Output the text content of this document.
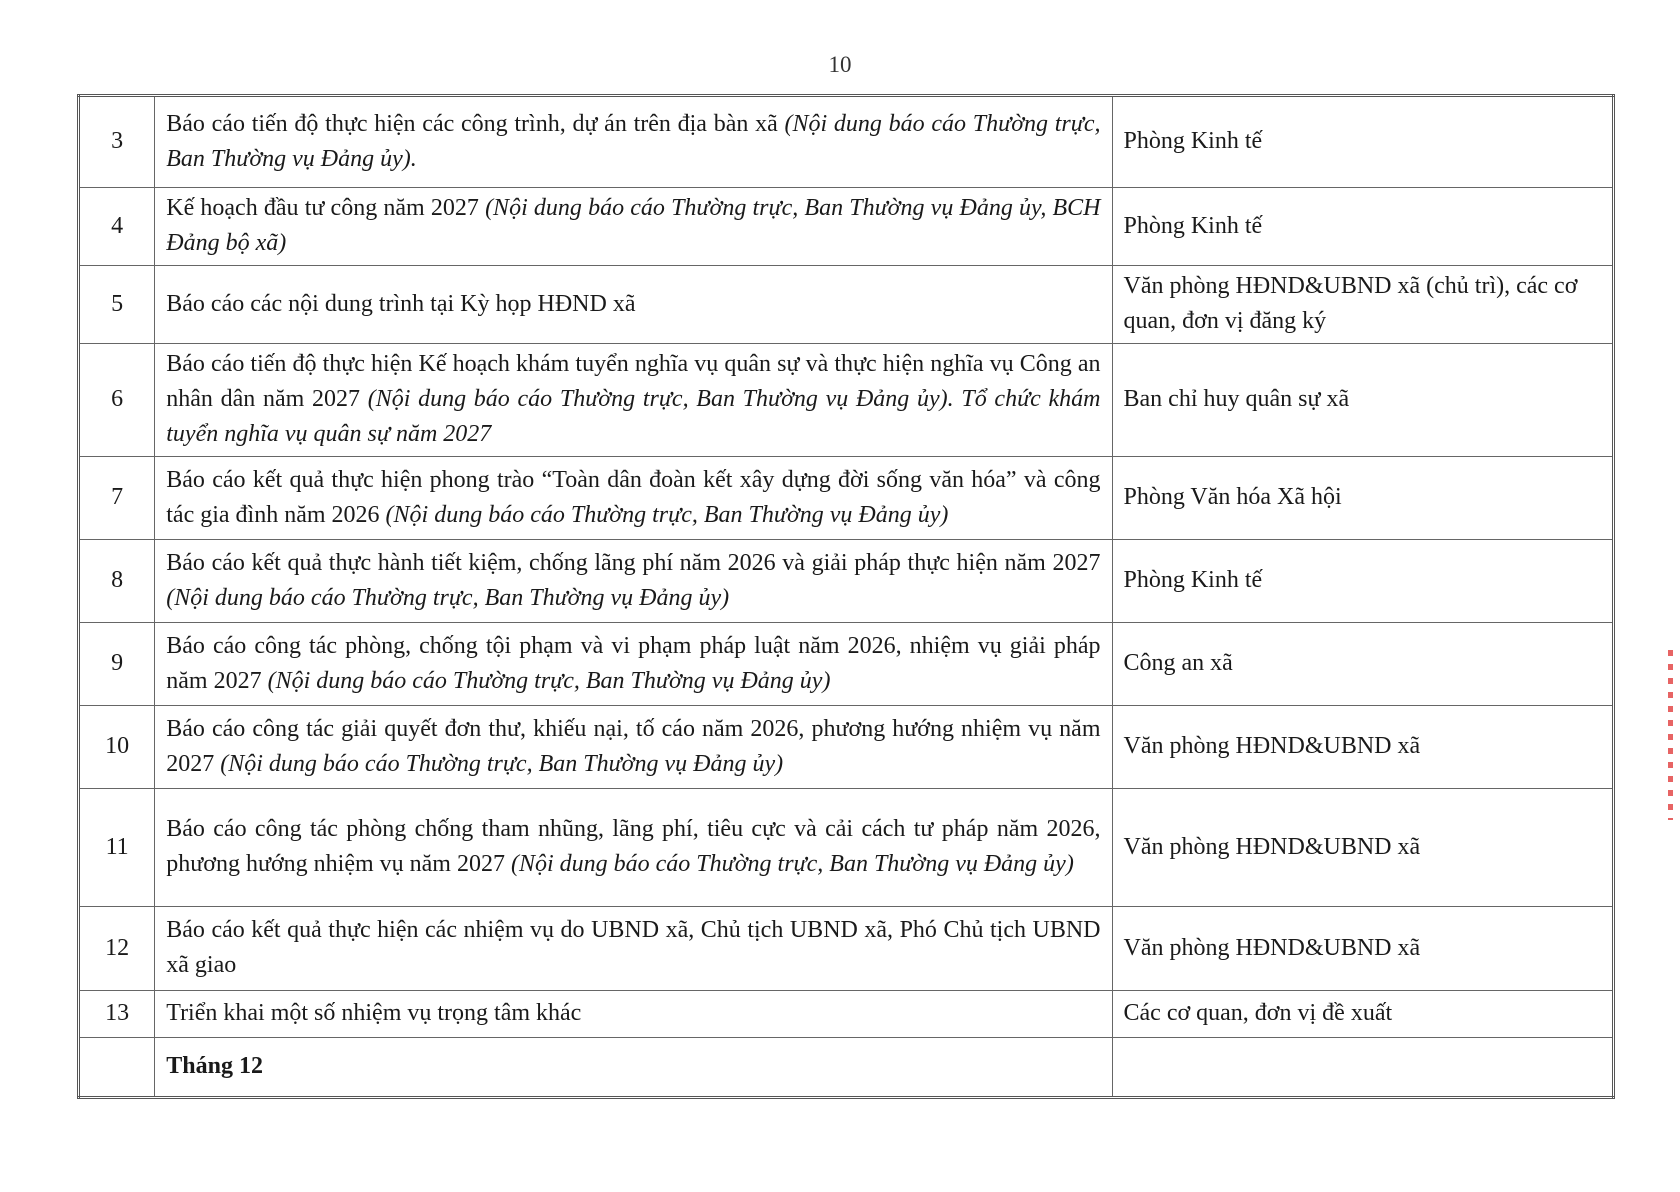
10
3	Báo cáo tiến độ thực hiện các công trình, dự án trên địa bàn xã (Nội dung báo cáo Thường trực, Ban Thường vụ Đảng ủy).	Phòng Kinh tế
4	Kế hoạch đầu tư công năm 2027 (Nội dung báo cáo Thường trực, Ban Thường vụ Đảng ủy, BCH Đảng bộ xã)	Phòng Kinh tế
5	Báo cáo các nội dung trình tại Kỳ họp HĐND xã	Văn phòng HĐND&UBND xã (chủ trì), các cơ quan, đơn vị đăng ký
6	Báo cáo tiến độ thực hiện Kế hoạch khám tuyển nghĩa vụ quân sự và thực hiện nghĩa vụ Công an nhân dân năm 2027 (Nội dung báo cáo Thường trực, Ban Thường vụ Đảng ủy). Tổ chức khám tuyển nghĩa vụ quân sự năm 2027	Ban chỉ huy quân sự xã
7	Báo cáo kết quả thực hiện phong trào “Toàn dân đoàn kết xây dựng đời sống văn hóa” và công tác gia đình năm 2026 (Nội dung báo cáo Thường trực, Ban Thường vụ Đảng ủy)	Phòng Văn hóa Xã hội
8	Báo cáo kết quả thực hành tiết kiệm, chống lãng phí năm 2026 và giải pháp thực hiện năm 2027 (Nội dung báo cáo Thường trực, Ban Thường vụ Đảng ủy)	Phòng Kinh tế
9	Báo cáo công tác phòng, chống tội phạm và vi phạm pháp luật năm 2026, nhiệm vụ giải pháp năm 2027 (Nội dung báo cáo Thường trực, Ban Thường vụ Đảng ủy)	Công an xã
10	Báo cáo công tác giải quyết đơn thư, khiếu nại, tố cáo năm 2026, phương hướng nhiệm vụ năm 2027 (Nội dung báo cáo Thường trực, Ban Thường vụ Đảng ủy)	Văn phòng HĐND&UBND xã
11	Báo cáo công tác phòng chống tham nhũng, lãng phí, tiêu cực và cải cách tư pháp năm 2026, phương hướng nhiệm vụ năm 2027 (Nội dung báo cáo Thường trực, Ban Thường vụ Đảng ủy)	Văn phòng HĐND&UBND xã
12	Báo cáo kết quả thực hiện các nhiệm vụ do UBND xã, Chủ tịch UBND xã, Phó Chủ tịch UBND xã giao	Văn phòng HĐND&UBND xã
13	Triển khai một số nhiệm vụ trọng tâm khác	Các cơ quan, đơn vị đề xuất
	Tháng 12	
